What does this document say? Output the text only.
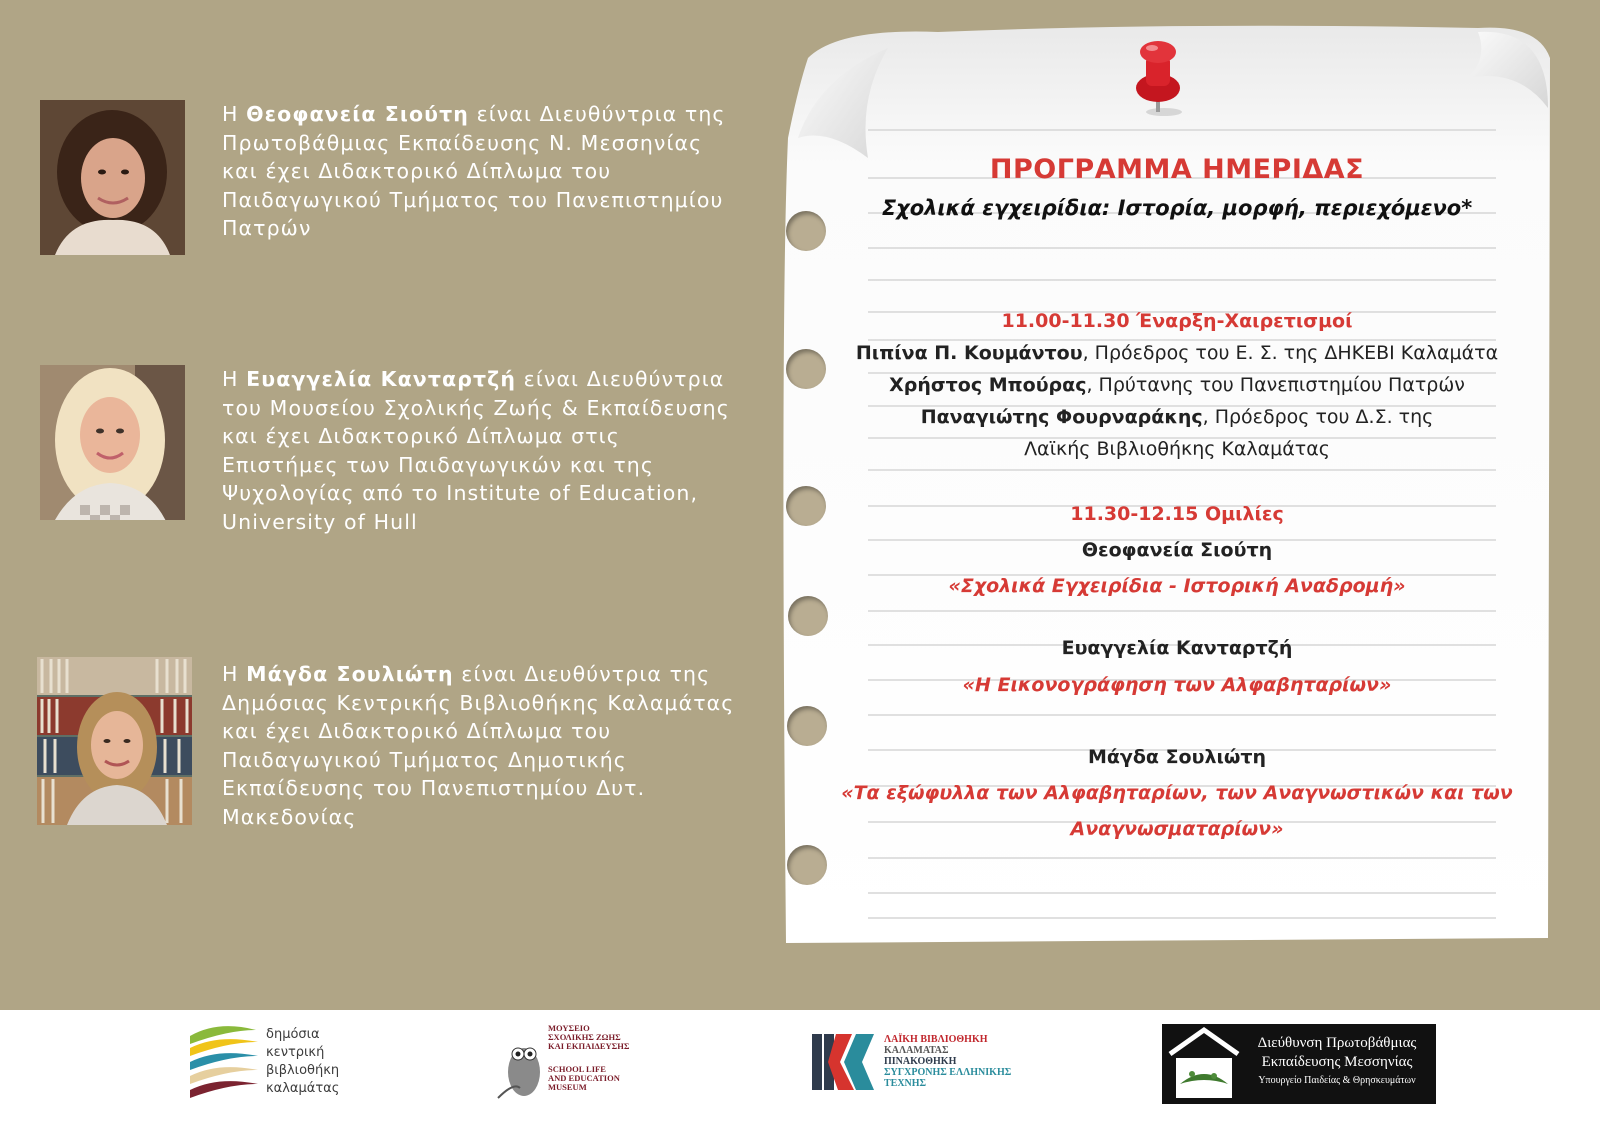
Η Θεοφανεία Σιούτη είναι Διευθύντρια της Πρωτοβάθμιας Εκπαίδευσης Ν. Μεσσηνίας και έχει Διδακτορικό Δίπλωμα του Παιδαγωγικού Τμήματος του Πανεπιστημίου Πατρών
Η Ευαγγελία Κανταρτζή είναι Διευθύντρια του Μουσείου Σχολικής Ζωής & Εκπαίδευσης και έχει Διδακτορικό Δίπλωμα στις Επιστήμες των Παιδαγωγικών και της Ψυχολογίας από το Institute of Education, University of Hull
Η Μάγδα Σουλιώτη είναι Διευθύντρια της Δημόσιας Κεντρικής Βιβλιοθήκης Καλαμάτας και έχει Διδακτορικό Δίπλωμα του Παιδαγωγικού Τμήματος Δημοτικής Εκπαίδευσης του Πανεπιστημίου Δυτ. Μακεδονίας
ΠΡΟΓΡΑΜΜΑ ΗΜΕΡΙΔΑΣ
Σχολικά εγχειρίδια: Ιστορία, μορφή, περιεχόμενο*
11.00-11.30 Έναρξη-Χαιρετισμοί
Πιπίνα Π. Κουμάντου, Πρόεδρος του Ε. Σ. της ΔΗΚΕΒΙ Καλαμάτα
Χρήστος Μπούρας, Πρύτανης του Πανεπιστημίου Πατρών
Παναγιώτης Φουρναράκης, Πρόεδρος του Δ.Σ. της
Λαϊκής Βιβλιοθήκης Καλαμάτας
11.30-12.15 Ομιλίες
Θεοφανεία Σιούτη
«Σχολικά Εγχειρίδια - Ιστορική Αναδρομή»
Ευαγγελία Κανταρτζή
«Η Εικονογράφηση των Αλφαβηταρίων»
Μάγδα Σουλιώτη
«Τα εξώφυλλα των Αλφαβηταρίων, των Αναγνωστικών και των
Αναγνωσματαρίων»
δημόσια
κεντρική
βιβλιοθήκη
καλαμάτας
ΜΟΥΣΕΙΟ
ΣΧΟΛΙΚΗΣ ΖΩΗΣ
ΚΑΙ ΕΚΠΑΙΔΕΥΣΗΣ
SCHOOL LIFE
AND EDUCATION
MUSEUM
ΛΑΪΚΗ ΒΙΒΛΙΟΘΗΚΗ
ΚΑΛΑΜΑΤΑΣ
ΠΙΝΑΚΟΘΗΚΗ
ΣΥΓΧΡΟΝΗΣ ΕΛΛΗΝΙΚΗΣ
ΤΕΧΝΗΣ
Διεύθυνση Πρωτοβάθμιας
Εκπαίδευσης Μεσσηνίας
Υπουργείο Παιδείας & Θρησκευμάτων
